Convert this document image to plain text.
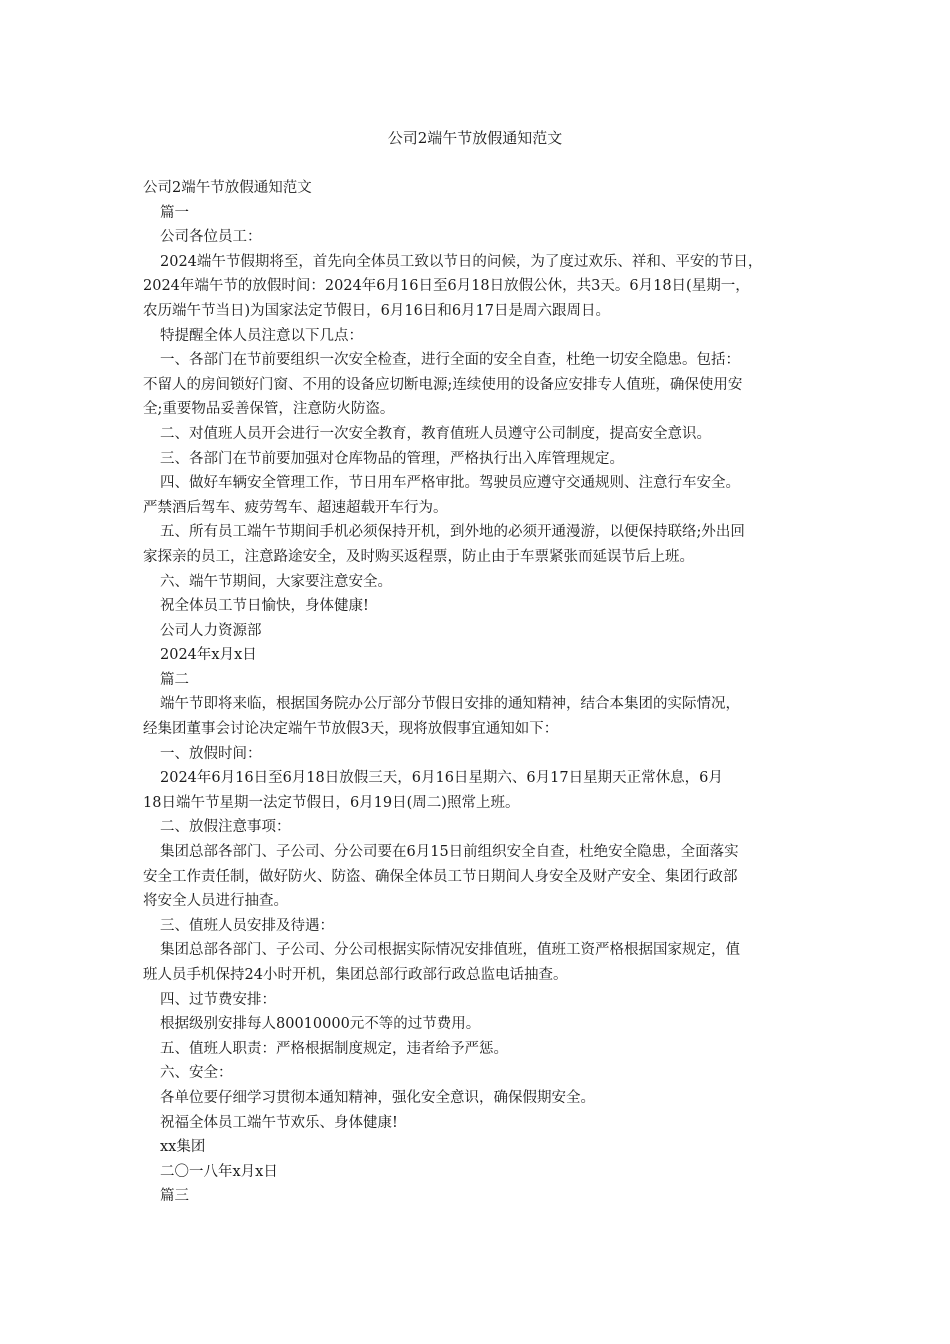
公司2端午节放假通知范文

公司2端午节放假通知范文

篇一

公司各位员工：

2024端午节假期将至，首先向全体员工致以节日的问候，为了度过欢乐、祥和、平安的节日，

2024年端午节的放假时间：2024年6月16日至6月18日放假公休，共3天。6月18日(星期一，

农历端午节当日)为国家法定节假日，6月16日和6月17日是周六跟周日。

特提醒全体人员注意以下几点：

一、各部门在节前要组织一次安全检查，进行全面的安全自查，杜绝一切安全隐患。包括：

不留人的房间锁好门窗、不用的设备应切断电源;连续使用的设备应安排专人值班，确保使用安

全;重要物品妥善保管，注意防火防盗。

二、对值班人员开会进行一次安全教育，教育值班人员遵守公司制度，提高安全意识。

三、各部门在节前要加强对仓库物品的管理，严格执行出入库管理规定。

四、做好车辆安全管理工作，节日用车严格审批。驾驶员应遵守交通规则、注意行车安全。

严禁酒后驾车、疲劳驾车、超速超载开车行为。

五、所有员工端午节期间手机必须保持开机，到外地的必须开通漫游，以便保持联络;外出回

家探亲的员工，注意路途安全，及时购买返程票，防止由于车票紧张而延误节后上班。

六、端午节期间，大家要注意安全。

祝全体员工节日愉快，身体健康!

公司人力资源部

2024年x月x日

篇二

端午节即将来临，根据国务院办公厅部分节假日安排的通知精神，结合本集团的实际情况，

经集团董事会讨论决定端午节放假3天，现将放假事宜通知如下：

一、放假时间：

2024年6月16日至6月18日放假三天，6月16日星期六、6月17日星期天正常休息，6月

18日端午节星期一法定节假日，6月19日(周二)照常上班。

二、放假注意事项：

集团总部各部门、子公司、分公司要在6月15日前组织安全自查，杜绝安全隐患，全面落实

安全工作责任制，做好防火、防盗、确保全体员工节日期间人身安全及财产安全、集团行政部

将安全人员进行抽查。

三、值班人员安排及待遇：

集团总部各部门、子公司、分公司根据实际情况安排值班，值班工资严格根据国家规定，值

班人员手机保持24小时开机，集团总部行政部行政总监电话抽查。

四、过节费安排：

根据级别安排每人80010000元不等的过节费用。

五、值班人职责：严格根据制度规定，违者给予严惩。

六、安全：

各单位要仔细学习贯彻本通知精神，强化安全意识，确保假期安全。

祝福全体员工端午节欢乐、身体健康!

xx集团

二〇一八年x月x日

篇三
